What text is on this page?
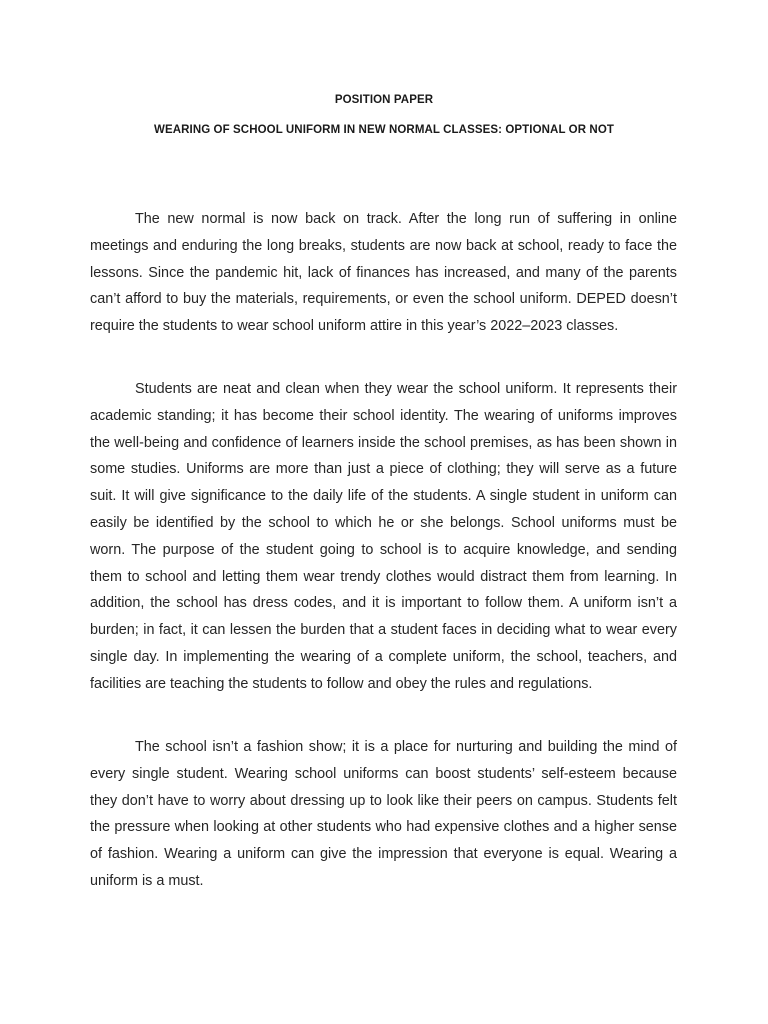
POSITION PAPER
WEARING OF SCHOOL UNIFORM IN NEW NORMAL CLASSES: OPTIONAL OR NOT

The new normal is now back on track. After the long run of suffering in online meetings and enduring the long breaks, students are now back at school, ready to face the lessons. Since the pandemic hit, lack of finances has increased, and many of the parents can’t afford to buy the materials, requirements, or even the school uniform. DEPED doesn’t require the students to wear school uniform attire in this year’s 2022–2023 classes.

Students are neat and clean when they wear the school uniform. It represents their academic standing; it has become their school identity. The wearing of uniforms improves the well-being and confidence of learners inside the school premises, as has been shown in some studies. Uniforms are more than just a piece of clothing; they will serve as a future suit. It will give significance to the daily life of the students. A single student in uniform can easily be identified by the school to which he or she belongs. School uniforms must be worn. The purpose of the student going to school is to acquire knowledge, and sending them to school and letting them wear trendy clothes would distract them from learning. In addition, the school has dress codes, and it is important to follow them. A uniform isn’t a burden; in fact, it can lessen the burden that a student faces in deciding what to wear every single day. In implementing the wearing of a complete uniform, the school, teachers, and facilities are teaching the students to follow and obey the rules and regulations.

The school isn’t a fashion show; it is a place for nurturing and building the mind of every single student. Wearing school uniforms can boost students’ self-esteem because they don’t have to worry about dressing up to look like their peers on campus. Students felt the pressure when looking at other students who had expensive clothes and a higher sense of fashion. Wearing a uniform can give the impression that everyone is equal. Wearing a uniform is a must.
